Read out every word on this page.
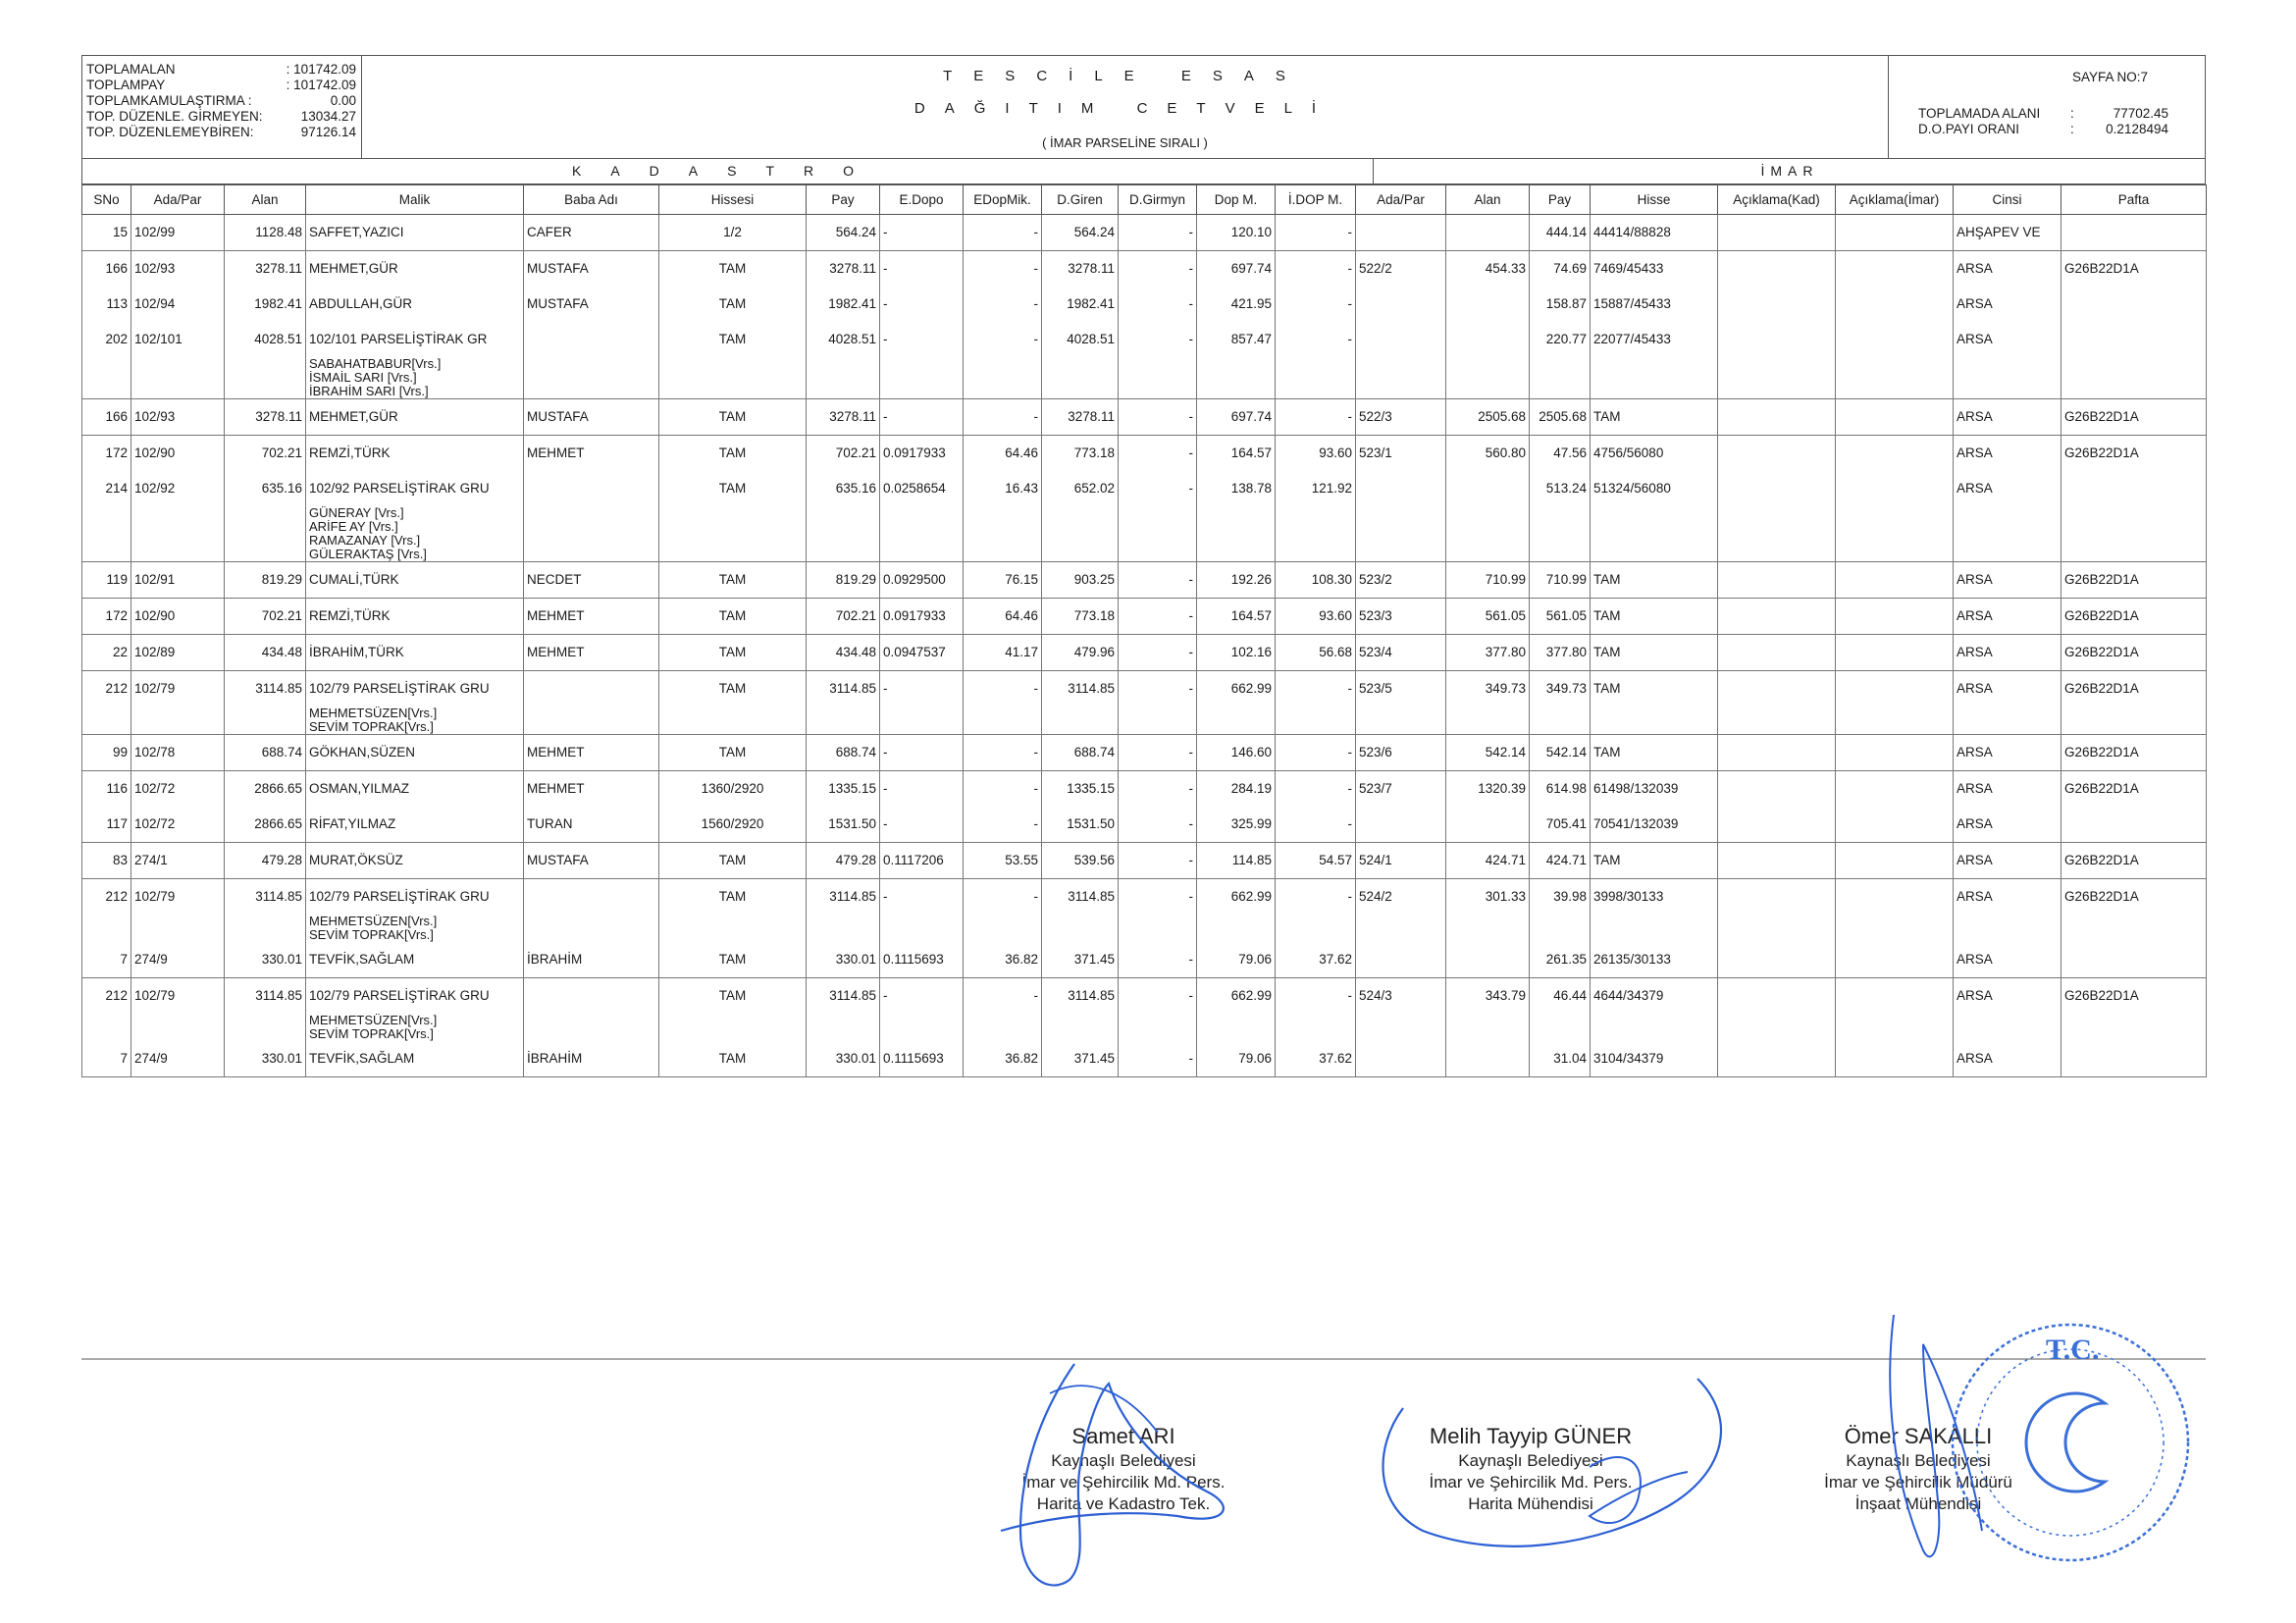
TOPLAMALAN	: 101742.09
TOPLAMPAY	: 101742.09
TOPLAMKAMULAŞTIRMA :	0.00
TOP. DÜZENLE. GİRMEYEN:	13034.27
TOP. DÜZENLEMEYBİREN:	97126.14
TESCİLE ESAS
DAĞITIM CETVELİ
( İMAR PARSELİNE SIRALI )
SAYFA NO:7
TOPLAMADA ALANI	:	77702.45
D.O.PAYI ORANI	:	0.2128494
KADASTRO	İMAR
SNo	Ada/Par	Alan	Malik	Baba Adı	Hissesi	Pay	E.Dopo	EDopMik.	D.Giren	D.Girmyn	Dop M.	İ.DOP M.	Ada/Par	Alan	Pay	Hisse	Açıklama(Kad)	Açıklama(İmar)	Cinsi	Pafta
15	102/99	1128.48	SAFFET,YAZICI	CAFER	1/2	564.24	-	-	564.24	-	120.10	-			444.14	44414/88828			AHŞAPEV VE	
166	102/93	3278.11	MEHMET,GÜR	MUSTAFA	TAM	3278.11	-	-	3278.11	-	697.74	-	522/2	454.33	74.69	7469/45433			ARSA	G26B22D1A
113	102/94	1982.41	ABDULLAH,GÜR	MUSTAFA	TAM	1982.41	-	-	1982.41	-	421.95	-			158.87	15887/45433			ARSA	
202	102/101	4028.51	102/101 PARSELİŞTİRAK GR		TAM	4028.51	-	-	4028.51	-	857.47	-			220.77	22077/45433			ARSA	
			SABAHATBABUR[Vrs.]																	
			İSMAİL SARI [Vrs.]																	
			İBRAHİM SARI [Vrs.]																	
166	102/93	3278.11	MEHMET,GÜR	MUSTAFA	TAM	3278.11	-	-	3278.11	-	697.74	-	522/3	2505.68	2505.68	TAM			ARSA	G26B22D1A
172	102/90	702.21	REMZİ,TÜRK	MEHMET	TAM	702.21	0.0917933	64.46	773.18	-	164.57	93.60	523/1	560.80	47.56	4756/56080			ARSA	G26B22D1A
214	102/92	635.16	102/92 PARSELİŞTİRAK GRU		TAM	635.16	0.0258654	16.43	652.02	-	138.78	121.92			513.24	51324/56080			ARSA	
			GÜNERAY [Vrs.]																	
			ARİFE AY [Vrs.]																	
			RAMAZANAY [Vrs.]																	
			GÜLERAKTAŞ [Vrs.]																	
119	102/91	819.29	CUMALİ,TÜRK	NECDET	TAM	819.29	0.0929500	76.15	903.25	-	192.26	108.30	523/2	710.99	710.99	TAM			ARSA	G26B22D1A
172	102/90	702.21	REMZİ,TÜRK	MEHMET	TAM	702.21	0.0917933	64.46	773.18	-	164.57	93.60	523/3	561.05	561.05	TAM			ARSA	G26B22D1A
22	102/89	434.48	İBRAHİM,TÜRK	MEHMET	TAM	434.48	0.0947537	41.17	479.96	-	102.16	56.68	523/4	377.80	377.80	TAM			ARSA	G26B22D1A
212	102/79	3114.85	102/79 PARSELİŞTİRAK GRU		TAM	3114.85	-	-	3114.85	-	662.99	-	523/5	349.73	349.73	TAM			ARSA	G26B22D1A
			MEHMETSÜZEN[Vrs.]																	
			SEVİM TOPRAK[Vrs.]																	
99	102/78	688.74	GÖKHAN,SÜZEN	MEHMET	TAM	688.74	-	-	688.74	-	146.60	-	523/6	542.14	542.14	TAM			ARSA	G26B22D1A
116	102/72	2866.65	OSMAN,YILMAZ	MEHMET	1360/2920	1335.15	-	-	1335.15	-	284.19	-	523/7	1320.39	614.98	61498/132039			ARSA	G26B22D1A
117	102/72	2866.65	RİFAT,YILMAZ	TURAN	1560/2920	1531.50	-	-	1531.50	-	325.99	-			705.41	70541/132039			ARSA	
83	274/1	479.28	MURAT,ÖKSÜZ	MUSTAFA	TAM	479.28	0.1117206	53.55	539.56	-	114.85	54.57	524/1	424.71	424.71	TAM			ARSA	G26B22D1A
212	102/79	3114.85	102/79 PARSELİŞTİRAK GRU		TAM	3114.85	-	-	3114.85	-	662.99	-	524/2	301.33	39.98	3998/30133			ARSA	G26B22D1A
			MEHMETSÜZEN[Vrs.]																	
			SEVİM TOPRAK[Vrs.]																	
7	274/9	330.01	TEVFİK,SAĞLAM	İBRAHİM	TAM	330.01	0.1115693	36.82	371.45	-	79.06	37.62			261.35	26135/30133			ARSA	
212	102/79	3114.85	102/79 PARSELİŞTİRAK GRU		TAM	3114.85	-	-	3114.85	-	662.99	-	524/3	343.79	46.44	4644/34379			ARSA	G26B22D1A
			MEHMETSÜZEN[Vrs.]																	
			SEVİM TOPRAK[Vrs.]																	
7	274/9	330.01	TEVFİK,SAĞLAM	İBRAHİM	TAM	330.01	0.1115693	36.82	371.45	-	79.06	37.62			31.04	3104/34379			ARSA	
Samet ARI
Kaynaşlı Belediyesi
İmar ve Şehircilik Md. Pers.
Harita ve Kadastro Tek.
Melih Tayyip GÜNER
Kaynaşlı Belediyesi
İmar ve Şehircilik Md. Pers.
Harita Mühendisi
Ömer SAKALLI
Kaynaşlı Belediyesi
İmar ve Şehircilik Müdürü
İnşaat Mühendisi
T.C.
